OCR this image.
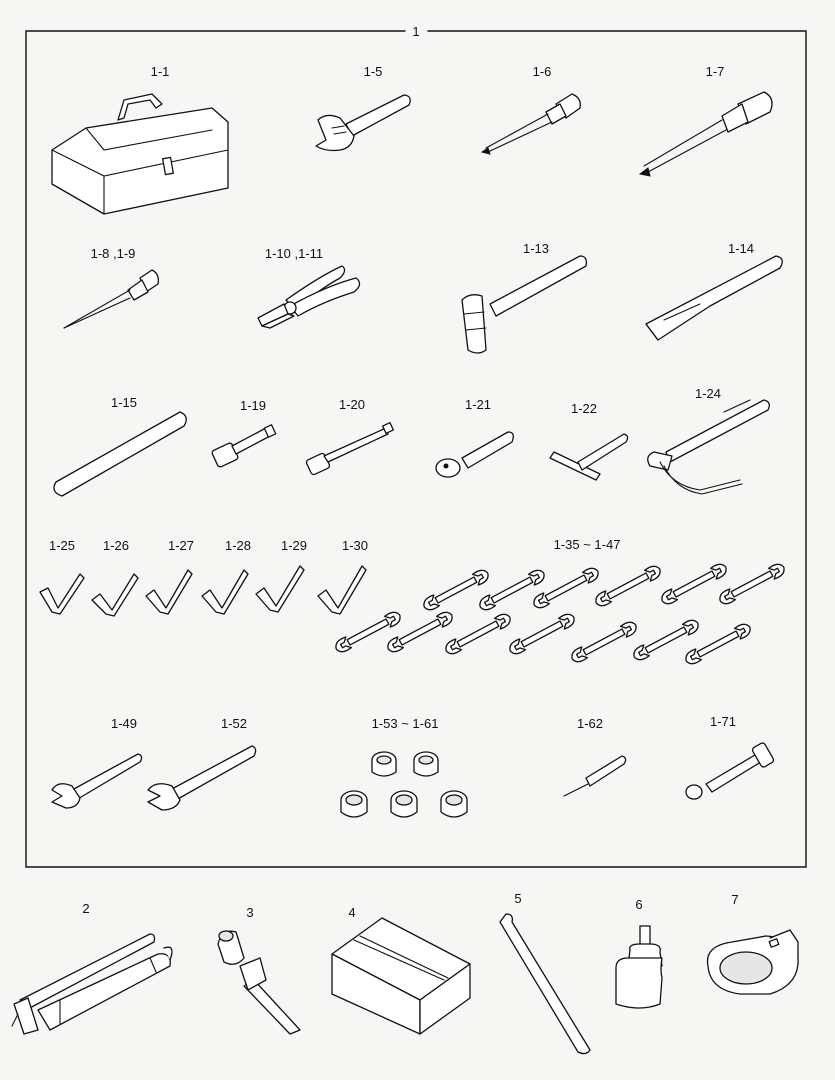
1
1-1	1-5	1-6	1-7
1-8 ,1-9	1-10 ,1-11	1-13	1-14
1-15	1-19	1-20	1-21	1-22
1-24
1-25 1-26	1-27 1-28 1-29	1-30	1-35 ~ 1-47
1-49	1-52	1-53 ~ 1-61	1-62	1-71
2	3	4
5	6	7
